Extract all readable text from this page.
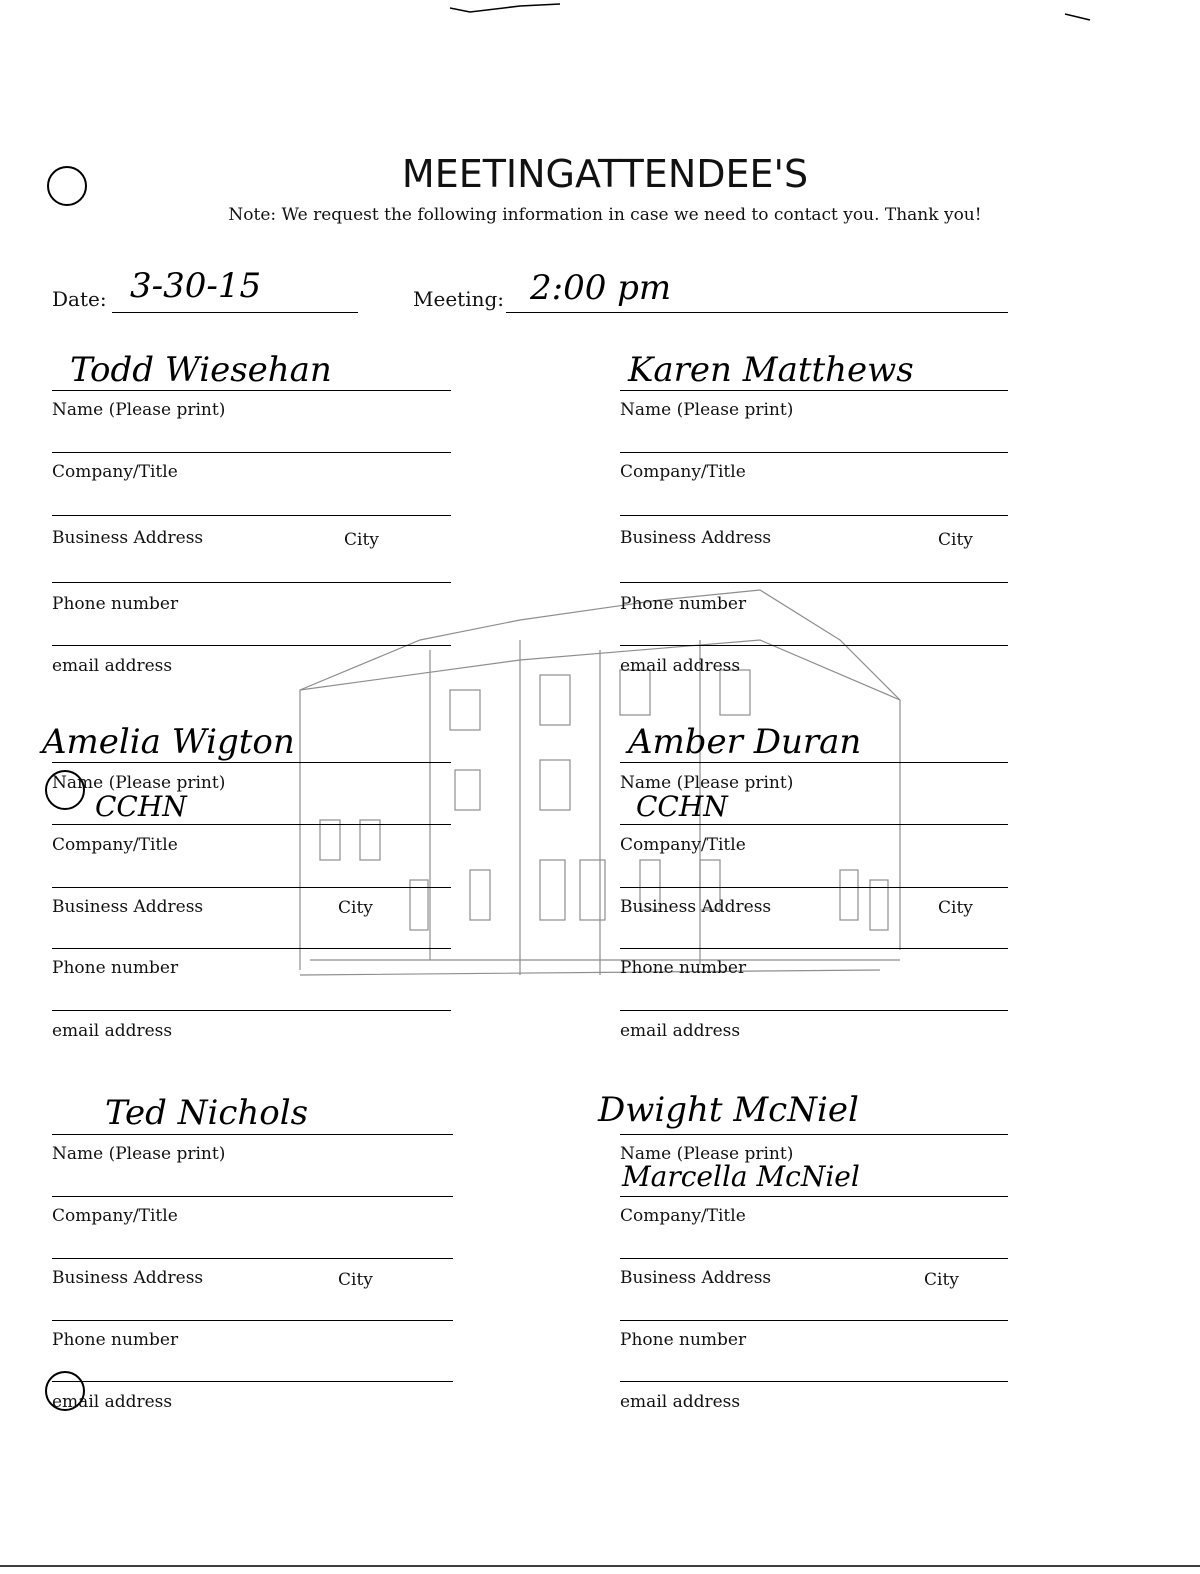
MEETINGATTENDEE'S
Note: We request the following information in case we need to contact you. Thank you!
Date: 3-30-15	Meeting: 2:00 pm
Todd Wiesehan
Name (Please print)
Company/Title
Business Address	City
Phone number
email address
Karen Matthews
Name (Please print)
Company/Title
Business Address	City
Phone number
email address
Amelia Wigton
Name (Please print)
CCHN
Company/Title
Business Address	City
Phone number
email address
Amber Duran
Name (Please print)
CCHN
Company/Title
Business Address	City
Phone number
email address
Ted Nichols
Name (Please print)
Company/Title
Business Address	City
Phone number
email address
Dwight McNiel
Name (Please print)
Marcella McNiel
Company/Title
Business Address	City
Phone number
email address
